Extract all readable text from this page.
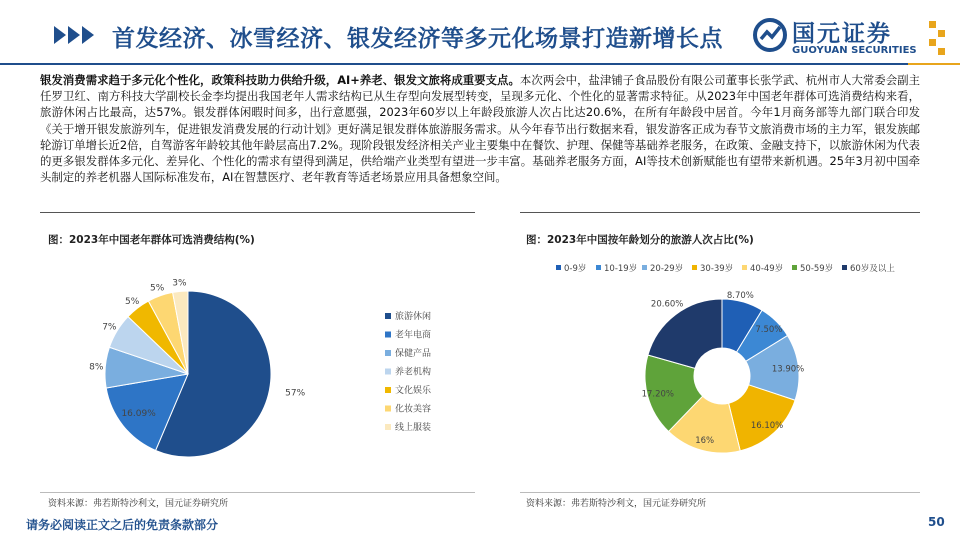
首发经济、冰雪经济、银发经济等多元化场景打造新增长点	国元证券
GUOYUAN SECURITIES
银发消费需求趋于多元化个性化，政策科技助力供给升级，AI+养老、银发文旅将成重要支点。本次两会中，盐津铺子食品股份有限公司董事长张学武、杭州市人大常委会副主任罗卫红、南方科技大学副校长金李均提出我国老年人需求结构已从生存型向发展型转变，呈现多元化、个性化的显著需求特征。从2023年中国老年群体可选消费结构来看，旅游休闲占比最高，达57%。银发群体闲暇时间多，出行意愿强，2023年60岁以上年龄段旅游人次占比达20.6%，在所有年龄段中居首。今年1月商务部等九部门联合印发《关于增开银发旅游列车，促进银发消费发展的行动计划》更好满足银发群体旅游服务需求。从今年春节出行数据来看，银发游客正成为春节文旅消费市场的主力军，银发族邮轮游订单增长近2倍，自驾游客年龄较其他年龄层高出7.2%。现阶段银发经济相关产业主要集中在餐饮、护理、保健等基础养老服务，在政策、金融支持下，以旅游休闲为代表的更多银发群体多元化、差异化、个性化的需求有望得到满足，供给端产业类型有望进一步丰富。基础养老服务方面，AI等技术创新赋能也有望带来新机遇。25年3月初中国牵头制定的养老机器人国际标准发布，AI在智慧医疗、老年教育等适老场景应用具备想象空间。
图：2023年中国老年群体可选消费结构(%)	图：2023年中国按年龄划分的旅游人次占比(%)
57%
16.09%
8%
7%
5%
5% 3%
旅游休闲
老年电商
保健产品
养老机构
文化娱乐
化妆美容
线上服装
0-9岁 10-19岁 20-29岁 30-39岁 40-49岁 50-59岁 60岁及以上
8.70%
7.50%
13.90%
16.10%
16%
17.20%
20.60%
资料来源：弗若斯特沙利文，国元证券研究所	资料来源：弗若斯特沙利文，国元证券研究所
请务必阅读正文之后的免责条款部分	50
